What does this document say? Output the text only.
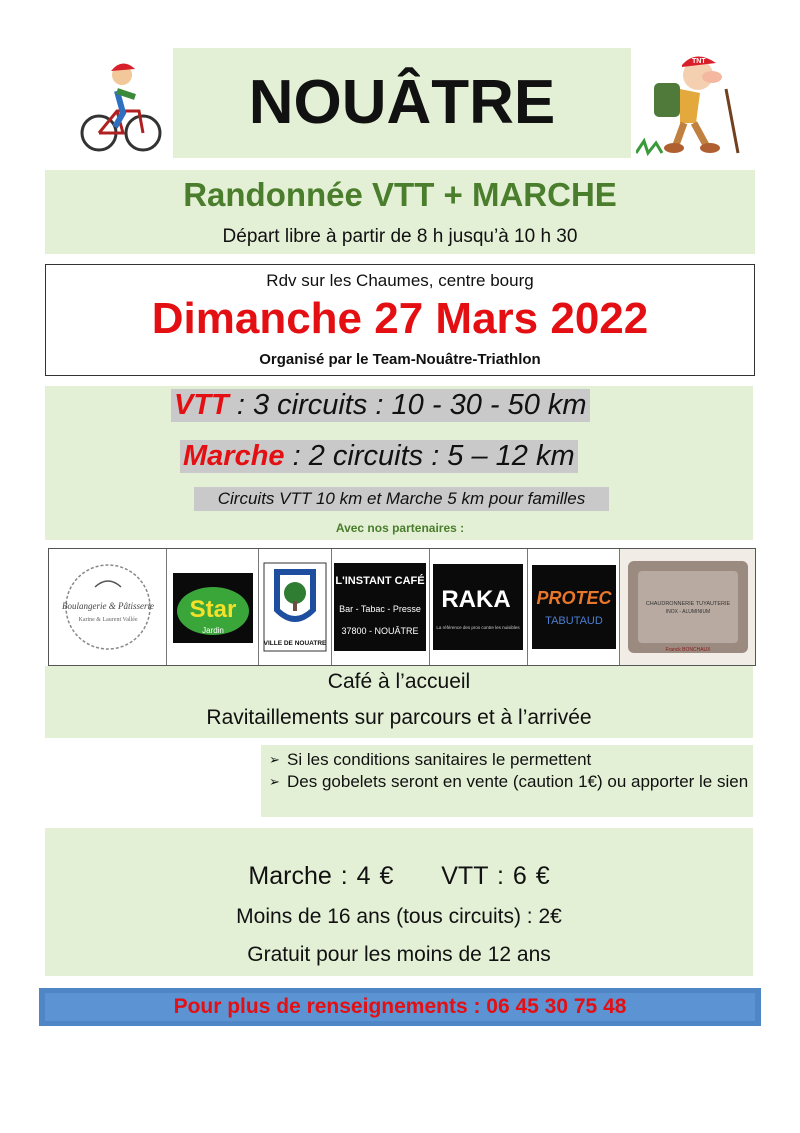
TNT
NOUÂTRE
Randonnée VTT + MARCHE
Départ libre à partir de 8 h jusqu’à 10 h 30
Rdv sur les Chaumes, centre bourg
Dimanche 27 Mars 2022
Organisé par le Team-Nouâtre-Triathlon
VTT : 3 circuits : 10 - 30 - 50 km
Marche : 2 circuits : 5 – 12 km
Circuits VTT 10 km et Marche 5 km pour familles
Avec nos partenaires :
Boulangerie & Pâtisserie
Karine & Laurent Vallée Star
Jardin
VILLE DE NOUATRE
L'INSTANT CAFÉ
Bar - Tabac - Presse
37800 - NOUÂTRE
RAKA
La référence des pros contre les nuisibles
PROTEC
TABUTAUD
CHAUDRONNERIE TUYAUTERIE
INOX - ALUMINIUM
Franck BONCHAUX
Café à l’accueil
Ravitaillements sur parcours et à l’arrivée
➢ Si les conditions sanitaires le permettent
➢ Des gobelets seront en vente (caution 1€) ou apporter le sien
Marche : 4 € VTT : 6 €
Moins de 16 ans (tous circuits) : 2€
Gratuit pour les moins de 12 ans
Pour plus de renseignements : 06 45 30 75 48
